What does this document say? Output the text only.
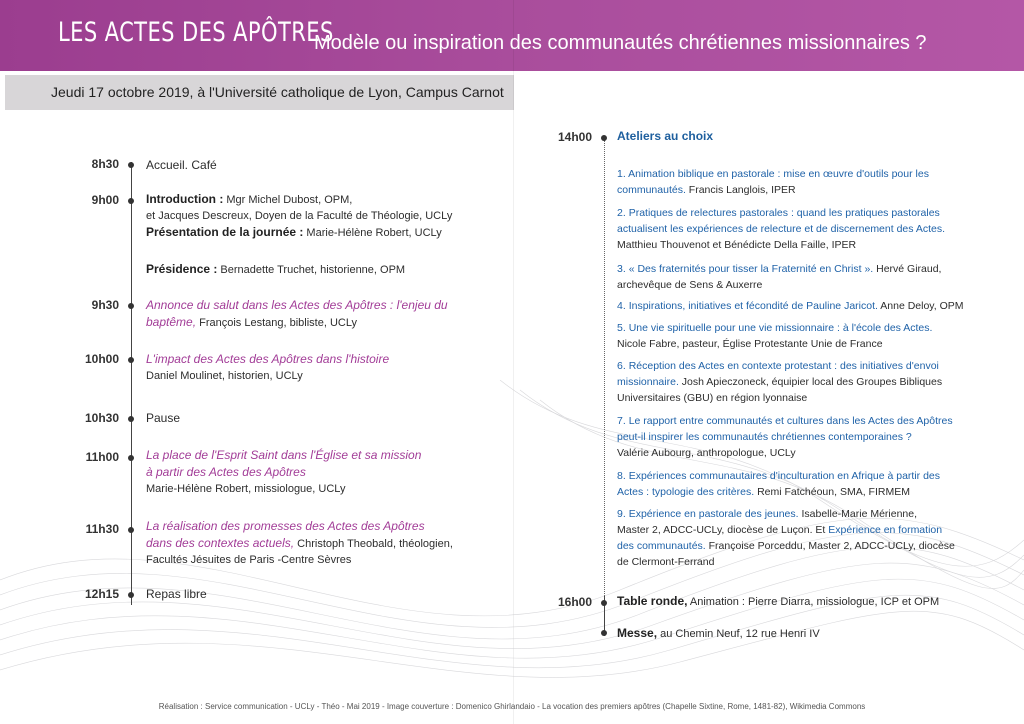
LES ACTES DES APÔTRES
Modèle ou inspiration des communautés chrétiennes missionnaires ?
Jeudi 17 octobre 2019, à l'Université catholique de Lyon, Campus Carnot
8h30 Accueil. Café
9h00 Introduction : Mgr Michel Dubost, OPM,
et Jacques Descreux, Doyen de la Faculté de Théologie, UCLy
Présentation de la journée : Marie-Hélène Robert, UCLy
Présidence : Bernadette Truchet, historienne, OPM
9h30 Annonce du salut dans les Actes des Apôtres : l'enjeu du
baptême, François Lestang, bibliste, UCLy
10h00 L'impact des Actes des Apôtres dans l'histoire
Daniel Moulinet, historien, UCLy
10h30 Pause
11h00 La place de l'Esprit Saint dans l'Église et sa mission
à partir des Actes des Apôtres
Marie-Hélène Robert, missiologue, UCLy
11h30 La réalisation des promesses des Actes des Apôtres
dans des contextes actuels, Christoph Theobald, théologien,
Facultés Jésuites de Paris -Centre Sèvres
12h15 Repas libre
14h00 Ateliers au choix
1. Animation biblique en pastorale : mise en œuvre d'outils pour les
communautés. Francis Langlois, IPER
2. Pratiques de relectures pastorales : quand les pratiques pastorales
actualisent les expériences de relecture et de discernement des Actes.
Matthieu Thouvenot et Bénédicte Della Faille, IPER
3. « Des fraternités pour tisser la Fraternité en Christ ». Hervé Giraud,
archevêque de Sens & Auxerre
4. Inspirations, initiatives et fécondité de Pauline Jaricot. Anne Deloy, OPM
5. Une vie spirituelle pour une vie missionnaire : à l'école des Actes.
Nicole Fabre, pasteur, Église Protestante Unie de France
6. Réception des Actes en contexte protestant : des initiatives d'envoi
missionnaire. Josh Apieczoneck, équipier local des Groupes Bibliques
Universitaires (GBU) en région lyonnaise
7. Le rapport entre communautés et cultures dans les Actes des Apôtres
peut-il inspirer les communautés chrétiennes contemporaines ?
Valérie Aubourg, anthropologue, UCLy
8. Expériences communautaires d'inculturation en Afrique à partir des
Actes : typologie des critères. Remi Fatchéoun, SMA, FIRMEM
9. Expérience en pastorale des jeunes. Isabelle-Marie Mérienne,
Master 2, ADCC-UCLy, diocèse de Luçon. Et Expérience en formation
des communautés. Françoise Porceddu, Master 2, ADCC-UCLy, diocèse
de Clermont-Ferrand
16h00 Table ronde, Animation : Pierre Diarra, missiologue, ICP et OPM
Messe, au Chemin Neuf, 12 rue Henri IV
Réalisation : Service communication - UCLy - Théo - Mai 2019 - Image couverture : Domenico Ghirlandaio - La vocation des premiers apôtres (Chapelle Sixtine, Rome, 1481-82), Wikimedia Commons
